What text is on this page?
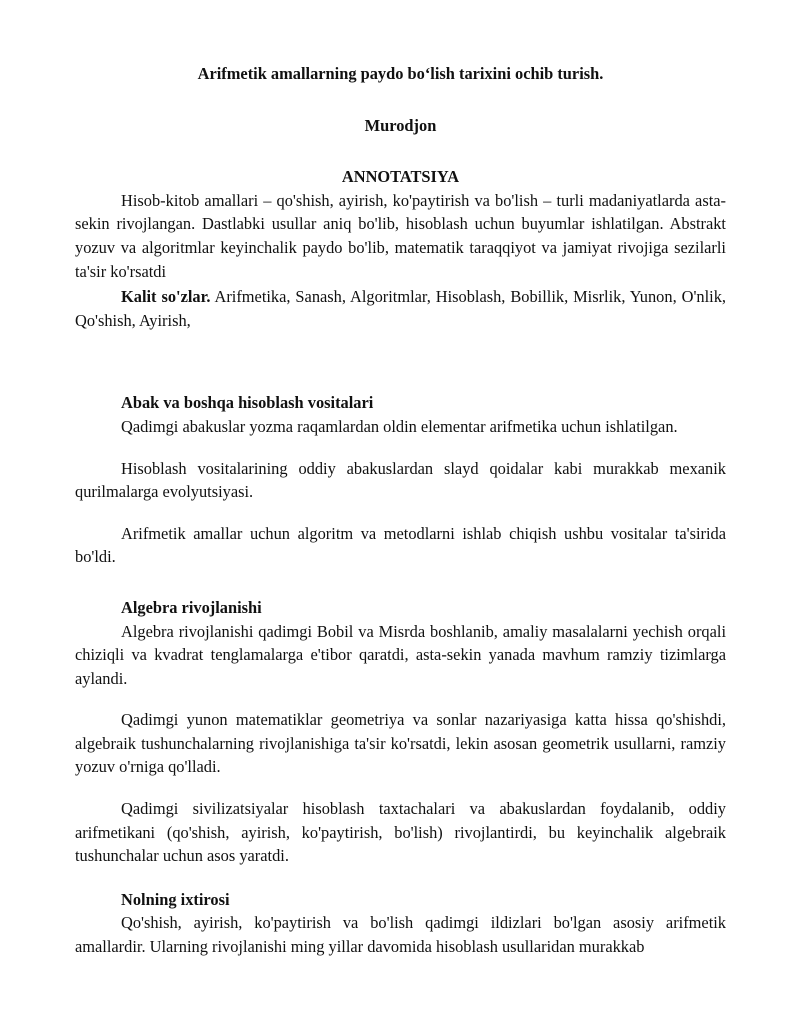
Arifmetik amallarning paydo bo‘lish tarixini ochib turish.

Murodjon

ANNOTATSIYA

Hisob-kitob amallari – qo'shish, ayirish, ko'paytirish va bo'lish – turli madaniyatlarda asta-sekin rivojlangan. Dastlabki usullar aniq bo'lib, hisoblash uchun buyumlar ishlatilgan. Abstrakt yozuv va algoritmlar keyinchalik paydo bo'lib, matematik taraqqiyot va jamiyat rivojiga sezilarli ta'sir ko'rsatdi

Kalit so'zlar. Arifmetika, Sanash, Algoritmlar, Hisoblash, Bobillik, Misrlik, Yunon, O'nlik, Qo'shish, Ayirish,

Abak va boshqa hisoblash vositalari

Qadimgi abakuslar yozma raqamlardan oldin elementar arifmetika uchun ishlatilgan.

Hisoblash vositalarining oddiy abakuslardan slayd qoidalar kabi murakkab mexanik qurilmalarga evolyutsiyasi.

Arifmetik amallar uchun algoritm va metodlarni ishlab chiqish ushbu vositalar ta'sirida bo'ldi.

Algebra rivojlanishi

Algebra rivojlanishi qadimgi Bobil va Misrda boshlanib, amaliy masalalarni yechish orqali chiziqli va kvadrat tenglamalarga e'tibor qaratdi, asta-sekin yanada mavhum ramziy tizimlarga aylandi.

Qadimgi yunon matematiklar geometriya va sonlar nazariyasiga katta hissa qo'shishdi, algebraik tushunchalarning rivojlanishiga ta'sir ko'rsatdi, lekin asosan geometrik usullarni, ramziy yozuv o'rniga qo'lladi.

Qadimgi sivilizatsiyalar hisoblash taxtachalari va abakuslardan foydalanib, oddiy arifmetikani (qo'shish, ayirish, ko'paytirish, bo'lish) rivojlantirdi, bu keyinchalik algebraik tushunchalar uchun asos yaratdi.

Nolning ixtirosi

Qo'shish, ayirish, ko'paytirish va bo'lish qadimgi ildizlari bo'lgan asosiy arifmetik amallardir. Ularning rivojlanishi ming yillar davomida hisoblash usullaridan murakkab
